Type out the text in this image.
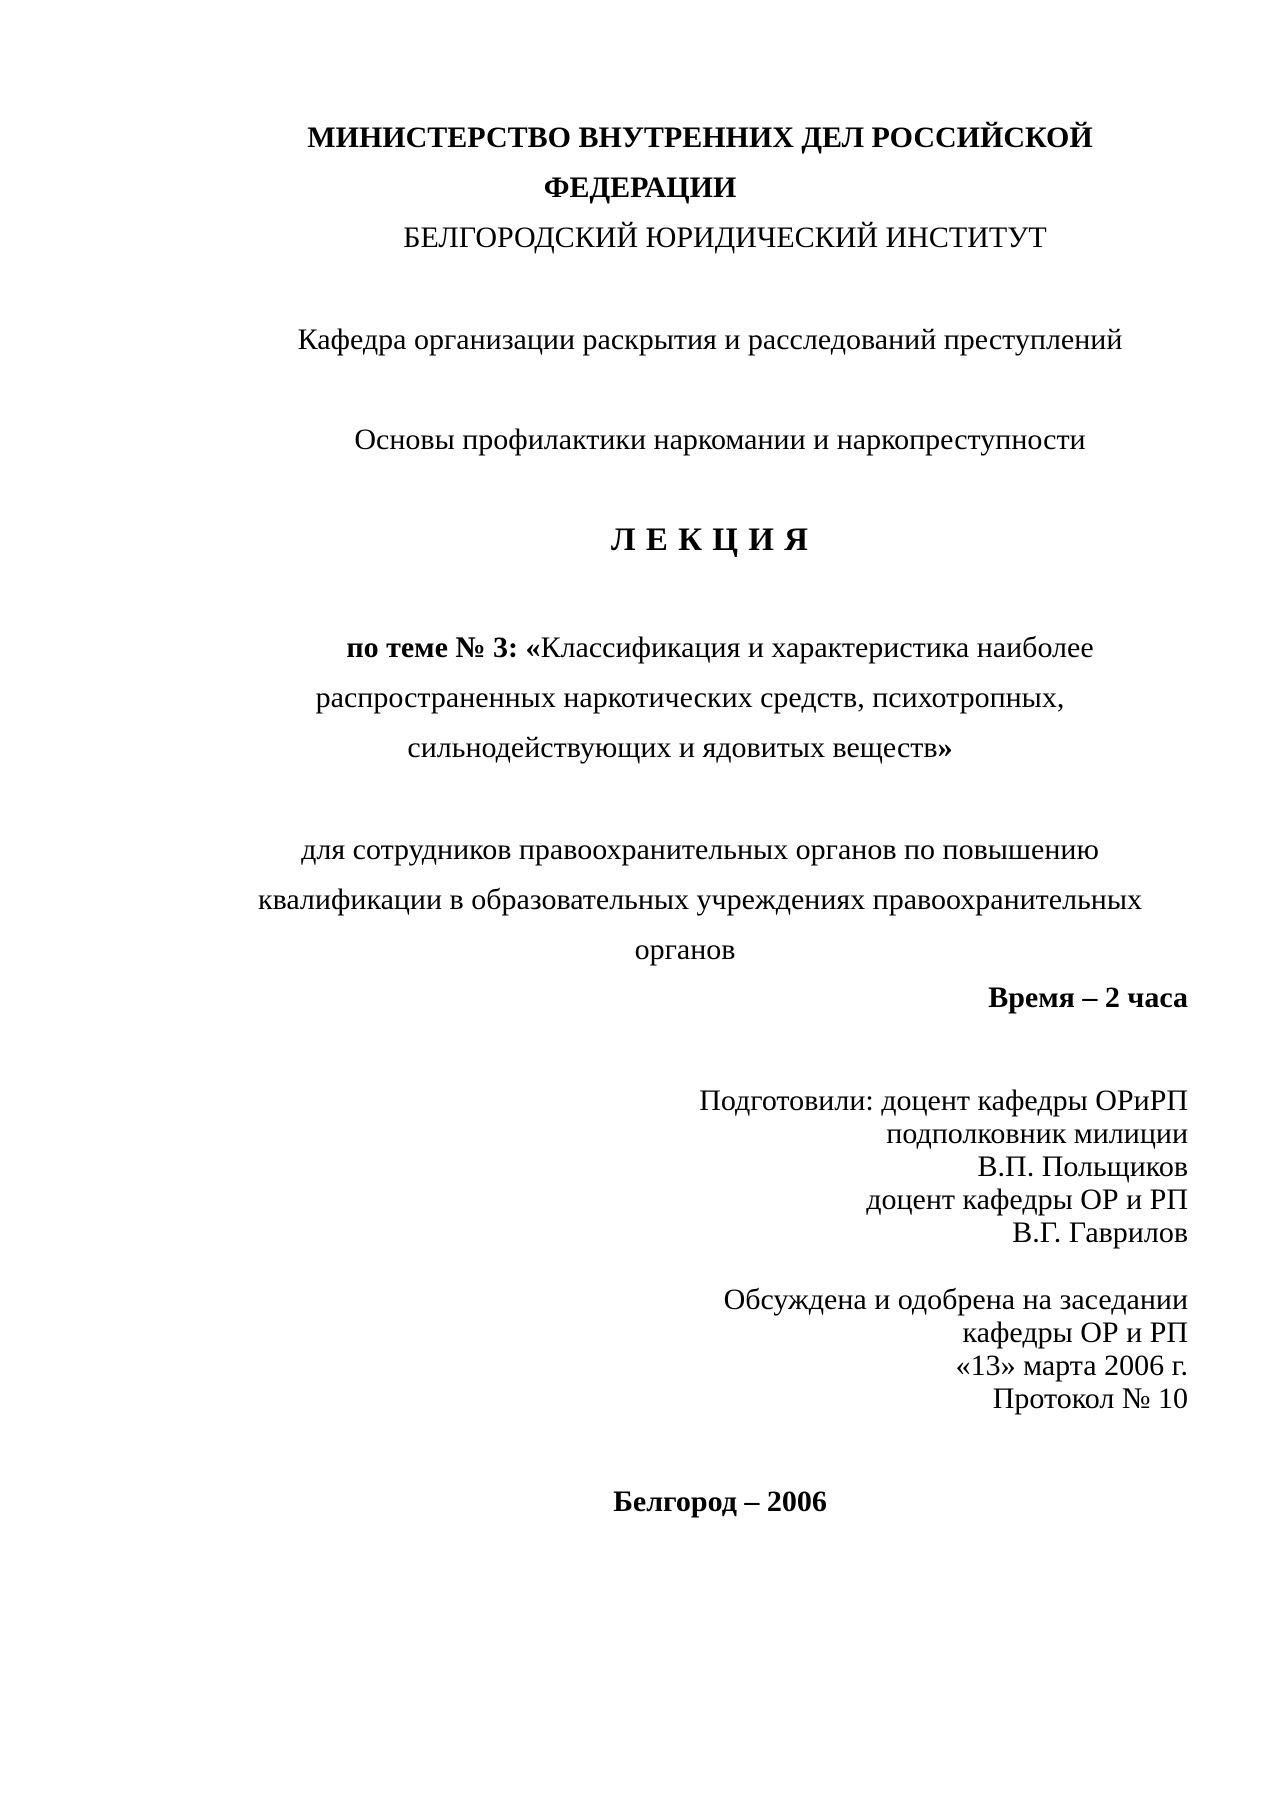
МИНИСТЕРСТВО ВНУТРЕННИХ ДЕЛ РОССИЙСКОЙ
ФЕДЕРАЦИИ
БЕЛГОРОДСКИЙ ЮРИДИЧЕСКИЙ ИНСТИТУТ
Кафедра организации раскрытия и расследований преступлений
Основы профилактики наркомании и наркопреступности
Л Е К Ц И Я
по теме № 3: «Классификация и характеристика наиболее
распространенных наркотических средств, психотропных,
сильнодействующих и ядовитых веществ»
для сотрудников правоохранительных органов по повышению
квалификации в образовательных учреждениях правоохранительных
органов
Время – 2 часа
Подготовили: доцент кафедры ОРиРП
подполковник милиции
В.П. Польщиков
доцент кафедры ОР и РП
В.Г. Гаврилов
Обсуждена и одобрена на заседании
кафедры ОР и РП
«13» марта 2006 г.
Протокол № 10
Белгород – 2006
